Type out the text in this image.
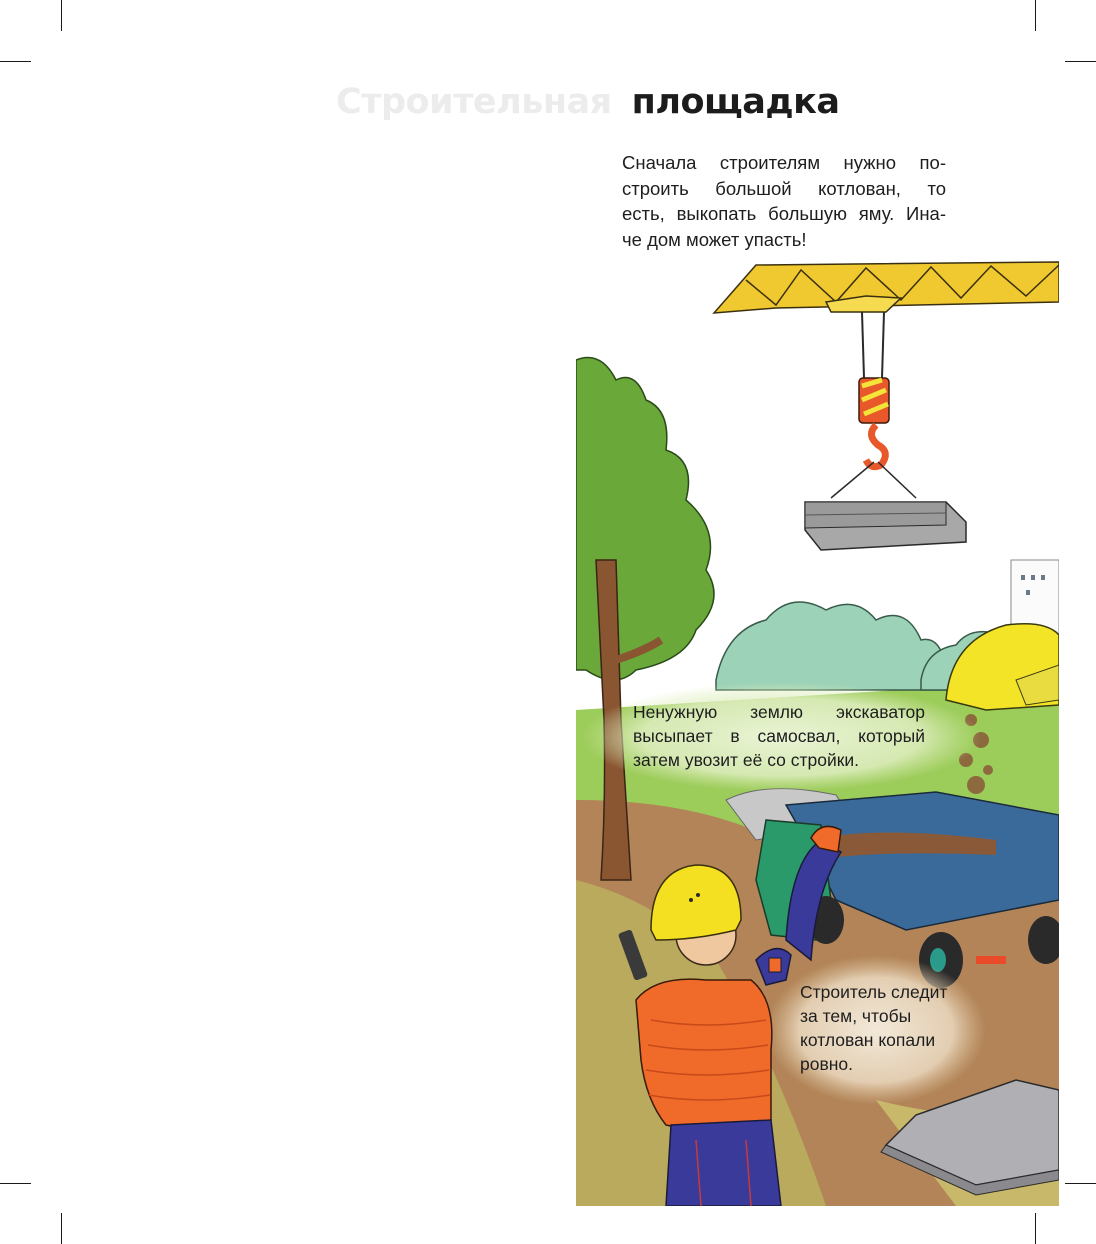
Строительная площадка
Сначала строителям нужно по-
строить большой котлован, то
есть, выкопать большую яму. Ина-
че дом может упасть!
Ненужную землю экскаватор высыпает в самосвал, который затем увозит её со стройки.
Строитель следит за тем, чтобы котлован копали ровно.
